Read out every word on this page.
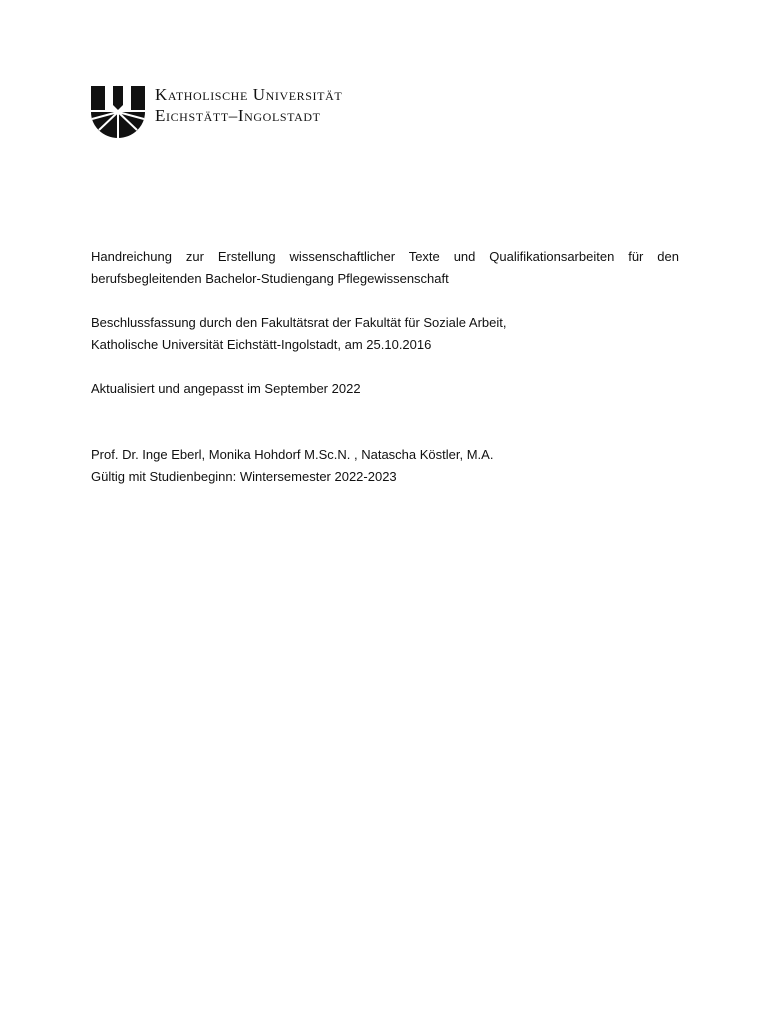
Katholische Universität
Eichstätt–Ingolstadt

Handreichung zur Erstellung wissenschaftlicher Texte und Qualifikationsarbeiten für den
berufsbegleitenden Bachelor-Studiengang Pflegewissenschaft

Beschlussfassung durch den Fakultätsrat der Fakultät für Soziale Arbeit,
Katholische Universität Eichstätt-Ingolstadt, am 25.10.2016

Aktualisiert und angepasst im September 2022

Prof. Dr. Inge Eberl, Monika Hohdorf M.Sc.N. , Natascha Köstler, M.A.
Gültig mit Studienbeginn: Wintersemester 2022-2023
